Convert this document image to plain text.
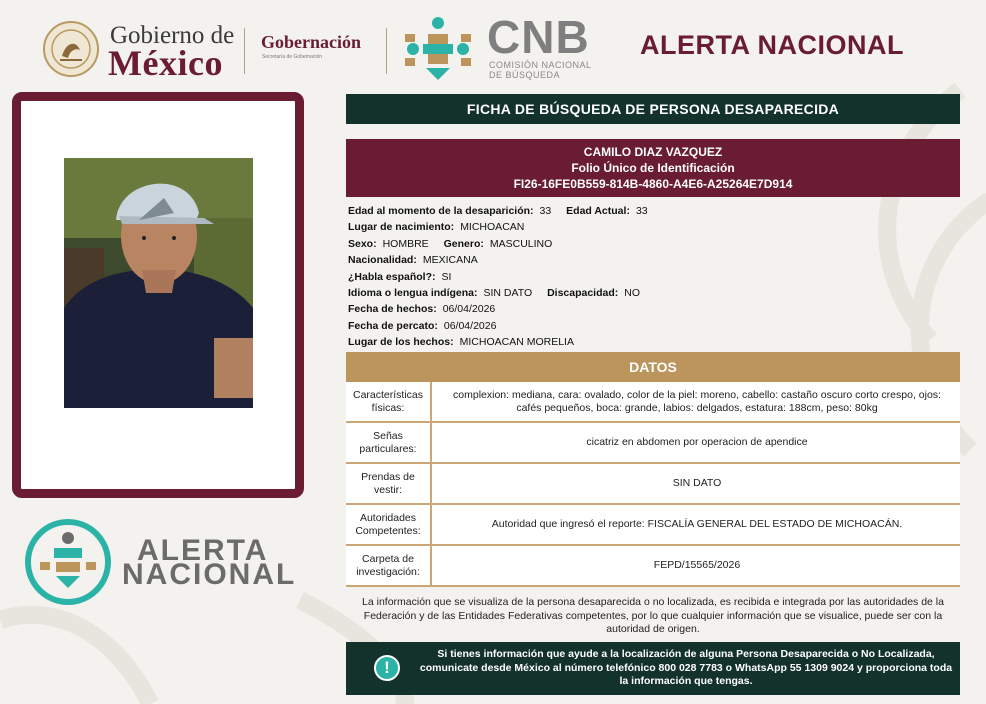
Gobierno de
México
Gobernación
Secretaría de Gobernación	CNB
COMISIÓN NACIONAL
DE BÚSQUEDA
ALERTA NACIONAL
ALERTA
NACIONAL
FICHA DE BÚSQUEDA DE PERSONA DESAPARECIDA
CAMILO DIAZ VAZQUEZ
Folio Único de Identificación
FI26-16FE0B559-814B-4860-A4E6-A25264E7D914
Edad al momento de la desaparición: 33 Edad Actual: 33
Lugar de nacimiento: MICHOACAN
Sexo: HOMBRE Genero: MASCULINO
Nacionalidad: MEXICANA
¿Habla español?: SI
Idioma o lengua indígena: SIN DATO Discapacidad: NO
Fecha de hechos: 06/04/2026
Fecha de percato: 06/04/2026
Lugar de los hechos: MICHOACAN MORELIA
DATOS
Características físicas:
complexion: mediana, cara: ovalado, color de la piel: moreno, cabello: castaño oscuro corto crespo, ojos: cafés pequeños, boca: grande, labios: delgados, estatura: 188cm, peso: 80kg
Señas particulares:
cicatriz en abdomen por operacion de apendice
Prendas de vestir:
SIN DATO
Autoridades Competentes:
Autoridad que ingresó el reporte: FISCALÍA GENERAL DEL ESTADO DE MICHOACÁN.
Carpeta de investigación:
FEPD/15565/2026
La información que se visualiza de la persona desaparecida o no localizada, es recibida e integrada por las autoridades de la Federación y de las Entidades Federativas competentes, por lo que cualquier información que se visualice, puede ser con la autoridad de origen.
!
Si tienes información que ayude a la localización de alguna Persona Desaparecida o No Localizada, comunicate desde México al número telefónico 800 028 7783 o WhatsApp 55 1309 9024 y proporciona toda la información que tengas.
